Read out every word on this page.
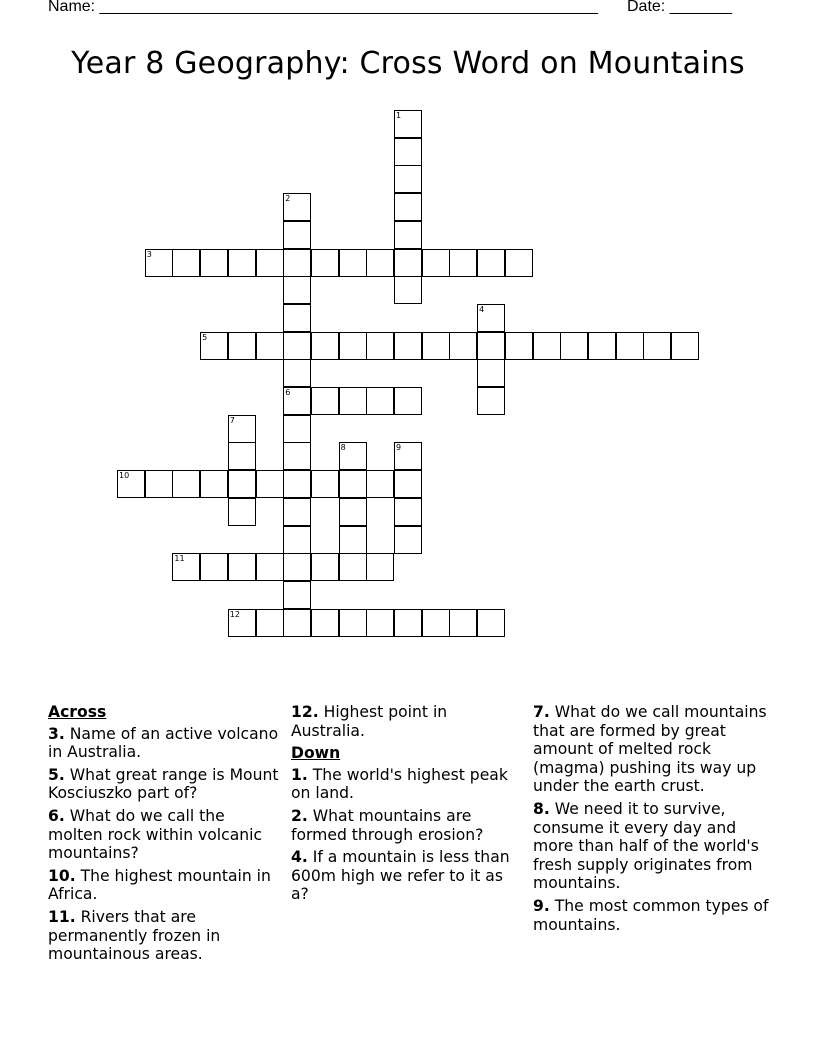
Name: ________________________________________________________ Date: _______
Year 8 Geography: Cross Word on Mountains
1
2
6
3
4
5
7
8	9
10
11
12
Across
3. Name of an active volcano in Australia.
5. What great range is Mount Kosciuszko part of?
6. What do we call the molten rock within volcanic mountains?
10. The highest mountain in Africa.
11. Rivers that are permanently frozen in mountainous areas.
12. Highest point in Australia.
Down
1. The world's highest peak on land.
2. What mountains are formed through erosion?
4. If a mountain is less than 600m high we refer to it as a?
7. What do we call mountains that are formed by great amount of melted rock (magma) pushing its way up under the earth crust.
8. We need it to survive, consume it every day and more than half of the world's fresh supply originates from mountains.
9. The most common types of mountains.
